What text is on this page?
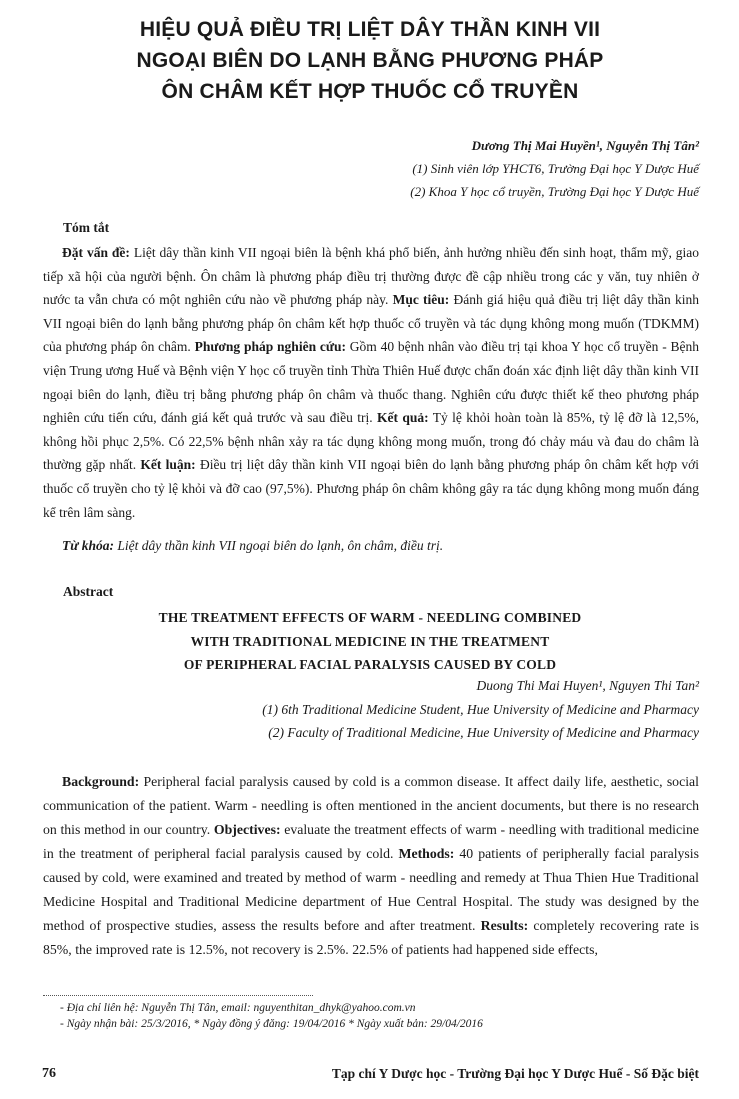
HIỆU QUẢ ĐIỀU TRỊ LIỆT DÂY THẦN KINH VII
NGOẠI BIÊN DO LẠNH BẰNG PHƯƠNG PHÁP
ÔN CHÂM KẾT HỢP THUỐC CỔ TRUYỀN
Dương Thị Mai Huyền¹, Nguyễn Thị Tân²
(1) Sinh viên lớp YHCT6, Trường Đại học Y Dược Huế
(2) Khoa Y học cổ truyền, Trường Đại học Y Dược Huế
Tóm tắt

Đặt vấn đề: Liệt dây thần kinh VII ngoại biên là bệnh khá phổ biến, ảnh hưởng nhiều đến sinh hoạt, thẩm mỹ, giao tiếp xã hội của người bệnh. Ôn châm là phương pháp điều trị thường được đề cập nhiều trong các y văn, tuy nhiên ở nước ta vẫn chưa có một nghiên cứu nào về phương pháp này. Mục tiêu: Đánh giá hiệu quả điều trị liệt dây thần kinh VII ngoại biên do lạnh bằng phương pháp ôn châm kết hợp thuốc cổ truyền và tác dụng không mong muốn (TDKMM) của phương pháp ôn châm. Phương pháp nghiên cứu: Gồm 40 bệnh nhân vào điều trị tại khoa Y học cổ truyền - Bệnh viện Trung ương Huế và Bệnh viện Y học cổ truyền tỉnh Thừa Thiên Huế được chẩn đoán xác định liệt dây thần kinh VII ngoại biên do lạnh, điều trị bằng phương pháp ôn châm và thuốc thang. Nghiên cứu được thiết kế theo phương pháp nghiên cứu tiến cứu, đánh giá kết quả trước và sau điều trị. Kết quả: Tỷ lệ khỏi hoàn toàn là 85%, tỷ lệ đỡ là 12,5%, không hồi phục 2,5%. Có 22,5% bệnh nhân xảy ra tác dụng không mong muốn, trong đó chảy máu và đau do châm là thường gặp nhất. Kết luận: Điều trị liệt dây thần kinh VII ngoại biên do lạnh bằng phương pháp ôn châm kết hợp với thuốc cổ truyền cho tỷ lệ khỏi và đỡ cao (97,5%). Phương pháp ôn châm không gây ra tác dụng không mong muốn đáng kể trên lâm sàng.

Từ khóa: Liệt dây thần kinh VII ngoại biên do lạnh, ôn châm, điều trị.
Abstract
THE TREATMENT EFFECTS OF WARM - NEEDLING COMBINED
WITH TRADITIONAL MEDICINE IN THE TREATMENT
OF PERIPHERAL FACIAL PARALYSIS CAUSED BY COLD
Duong Thi Mai Huyen¹, Nguyen Thi Tan²
(1) 6th Traditional Medicine Student, Hue University of Medicine and Pharmacy
(2) Faculty of Traditional Medicine, Hue University of Medicine and Pharmacy

Background: Peripheral facial paralysis caused by cold is a common disease. It affect daily life, aesthetic, social communication of the patient. Warm - needling is often mentioned in the ancient documents, but there is no research on this method in our country. Objectives: evaluate the treatment effects of warm - needling with traditional medicine in the treatment of peripheral facial paralysis caused by cold. Methods: 40 patients of peripherally facial paralysis caused by cold, were examined and treated by method of warm - needling and remedy at Thua Thien Hue Traditional Medicine Hospital and Traditional Medicine department of Hue Central Hospital. The study was designed by the method of prospective studies, assess the results before and after treatment. Results: completely recovering rate is 85%, the improved rate is 12.5%, not recovery is 2.5%. 22.5% of patients had happened side effects,

- Địa chỉ liên hệ: Nguyễn Thị Tân, email: nguyenthitan_dhyk@yahoo.com.vn
- Ngày nhận bài: 25/3/2016, * Ngày đồng ý đăng: 19/04/2016 * Ngày xuất bản: 29/04/2016
76	Tạp chí Y Dược học - Trường Đại học Y Dược Huế - Số Đặc biệt
